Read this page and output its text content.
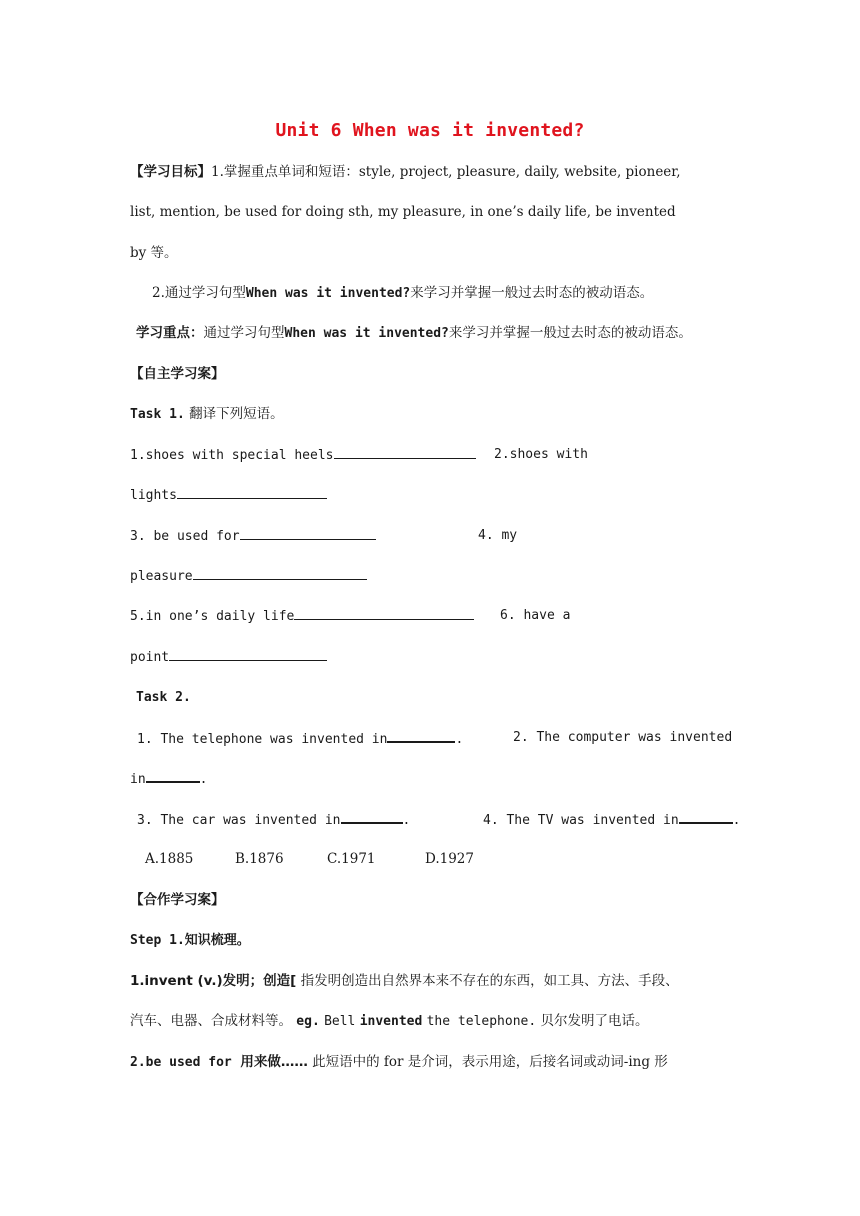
Unit 6 When was it invented?
【学习目标】1.掌握重点单词和短语：style, project, pleasure, daily, website, pioneer,
list, mention, be used for doing sth, my pleasure, in one’s daily life, be invented
by 等。
2.通过学习句型When was it invented?来学习并掌握一般过去时态的被动语态。
学习重点：通过学习句型When was it invented?来学习并掌握一般过去时态的被动语态。
【自主学习案】
Task 1. 翻译下列短语。
1.shoes with special heels	2.shoes with
lights
3. be used for	4. my
pleasure
5.in one’s daily life	6. have a
point
Task 2.
1. The telephone was invented in	.	2. The computer was invented
in	.
3. The car was invented in	.	4. The TV was invented in	.
A.1885	B.1876	C.1971	D.1927
【合作学习案】
Step 1.知识梳理。
1.invent (v.)发明；创造[ 指发明创造出自然界本来不存在的东西，如工具、方法、手段、
汽车、电器、合成材料等。 eg. Bell invented the telephone. 贝尔发明了电话。
2.be used for 用来做…… 此短语中的 for 是介词，表示用途，后接名词或动词-ing 形
